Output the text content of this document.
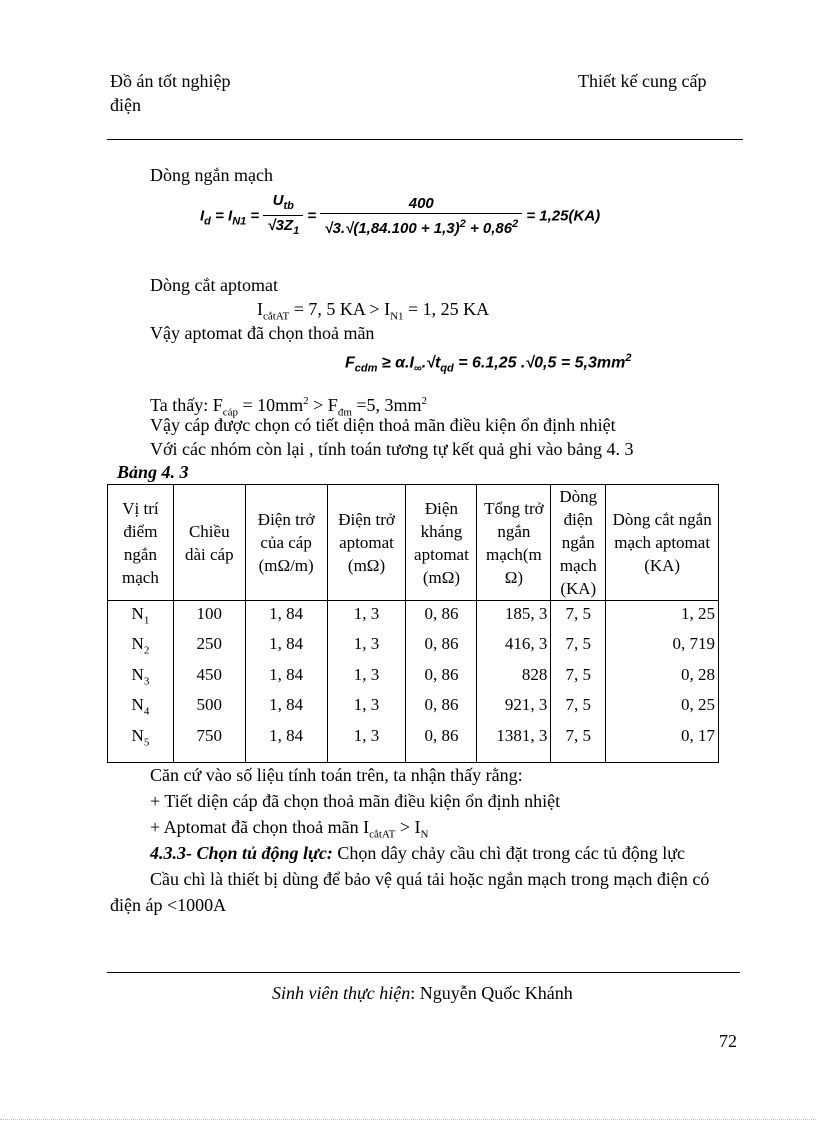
Đồ án tốt nghiệp
điện
Thiết kế cung cấp
Dòng ngắn mạch
$I_d = I_{N1} = \frac{U_{tb}}{√3Z_1} = \frac{400}{√3.√(1,84.100 + 1,3)^2 + 0,86^2} = 1,25(KA)$
Dòng cắt aptomat
$I_{cắtAT} = 7$, 5 KA > $I_{N1} = 1$, 25 KA
Vậy aptomat đã chọn thoả mãn
$F_{cdm} \ge \alpha.I_\infty.√t_{qd} = 6.1,25$ $.√0,5 = 5,3mm^2$
Ta thấy: $F_{cáp} = 10mm^2 > F_{đm} =5$, $3mm^2$
Vậy cáp được chọn có tiết diện thoả mãn điều kiện ổn định nhiệt
Với các nhóm còn lại , tính toán tương tự kết quả ghi vào bảng 4. 3
Bảng 4. 3
Vị trí điểm ngắn mạch	Chiều dài cáp	Điện trở của cáp (mΩ/m)	Điện trở aptomat (mΩ)	Điện kháng aptomat (mΩ)	Tổng trở ngắn mạch(m Ω)	Dòng điện ngắn mạch (KA)	Dòng cắt ngắn mạch aptomat (KA)
$N_1$	100	1, 84	1, 3	0, 86	185, 3	7, 5	1, 25
$N_2$	250	1, 84	1, 3	0, 86	416, 3	7, 5	0, 719
$N_3$	450	1, 84	1, 3	0, 86	828	7, 5	0, 28
$N_4$	500	1, 84	1, 3	0, 86	921, 3	7, 5	0, 25
$N_5$	750	1, 84	1, 3	0, 86	1381, 3	7, 5	0, 17
Căn cứ vào số liệu tính toán trên, ta nhận thấy rằng:
+ Tiết diện cáp đã chọn thoả mãn điều kiện ổn định nhiệt
+ Aptomat đã chọn thoả mãn $I_{cắtAT} > I_N$
4.3.3- Chọn tủ động lực: Chọn dây chảy cầu chì đặt trong các tủ động lực
Cầu chì là thiết bị dùng để bảo vệ quá tải hoặc ngắn mạch trong mạch điện có
điện áp <1000A
Sinh viên thực hiện: Nguyễn Quốc Khánh
72
